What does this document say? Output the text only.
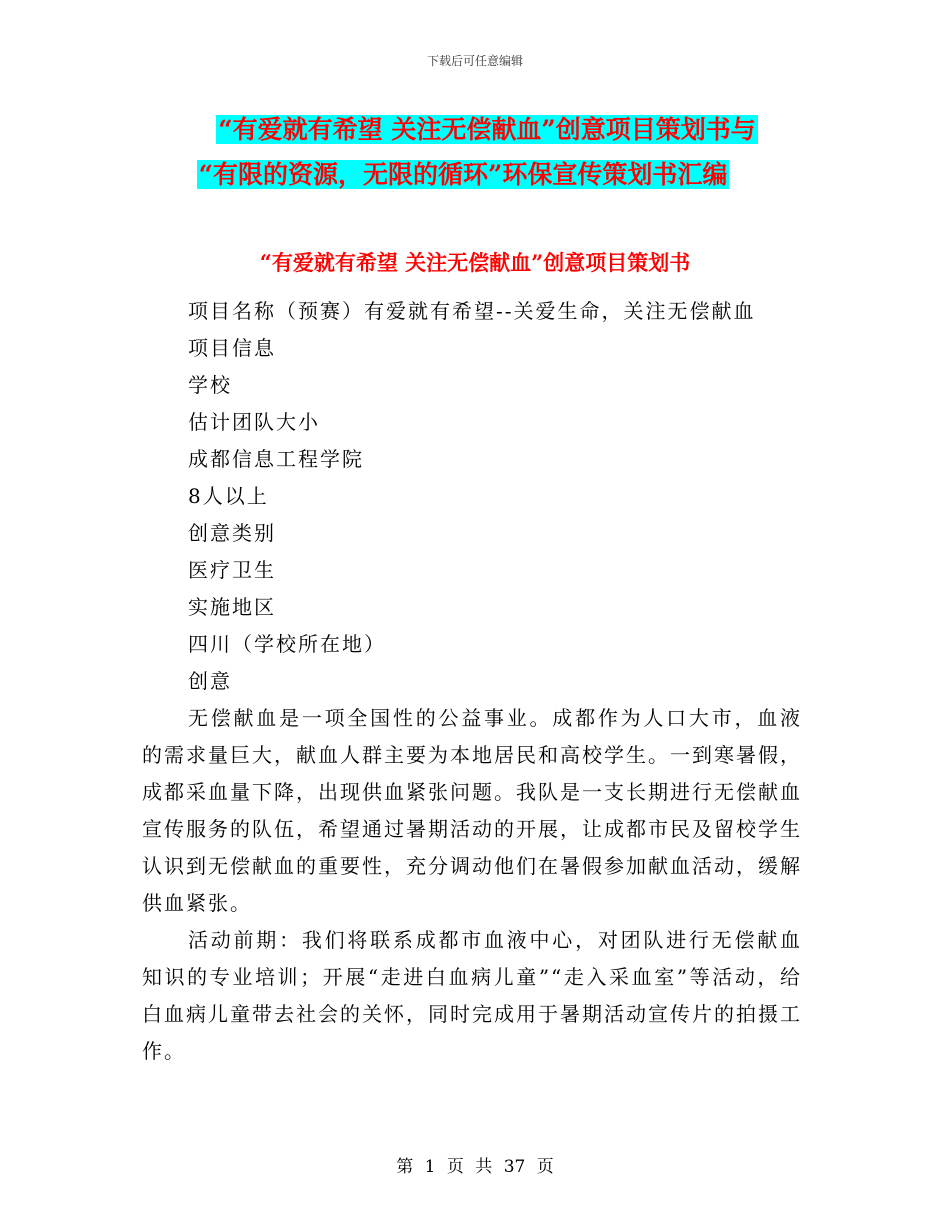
下载后可任意编辑
“有爱就有希望 关注无偿献血”创意项目策划书与
“有限的资源，无限的循环”环保宣传策划书汇编
“有爱就有希望 关注无偿献血”创意项目策划书
项目名称（预赛）有爱就有希望--关爱生命，关注无偿献血
项目信息
学校
估计团队大小
成都信息工程学院
8人以上
创意类别
医疗卫生
实施地区
四川（学校所在地）
创意

无偿献血是一项全国性的公益事业。成都作为人口大市，血液的需求量巨大，献血人群主要为本地居民和高校学生。一到寒暑假，成都采血量下降，出现供血紧张问题。我队是一支长期进行无偿献血宣传服务的队伍，希望通过暑期活动的开展，让成都市民及留校学生认识到无偿献血的重要性，充分调动他们在暑假参加献血活动，缓解供血紧张。

活动前期：我们将联系成都市血液中心，对团队进行无偿献血知识的专业培训；开展“走进白血病儿童”“走入采血室”等活动，给白血病儿童带去社会的关怀，同时完成用于暑期活动宣传片的拍摄工作。

第 1 页 共 37 页
